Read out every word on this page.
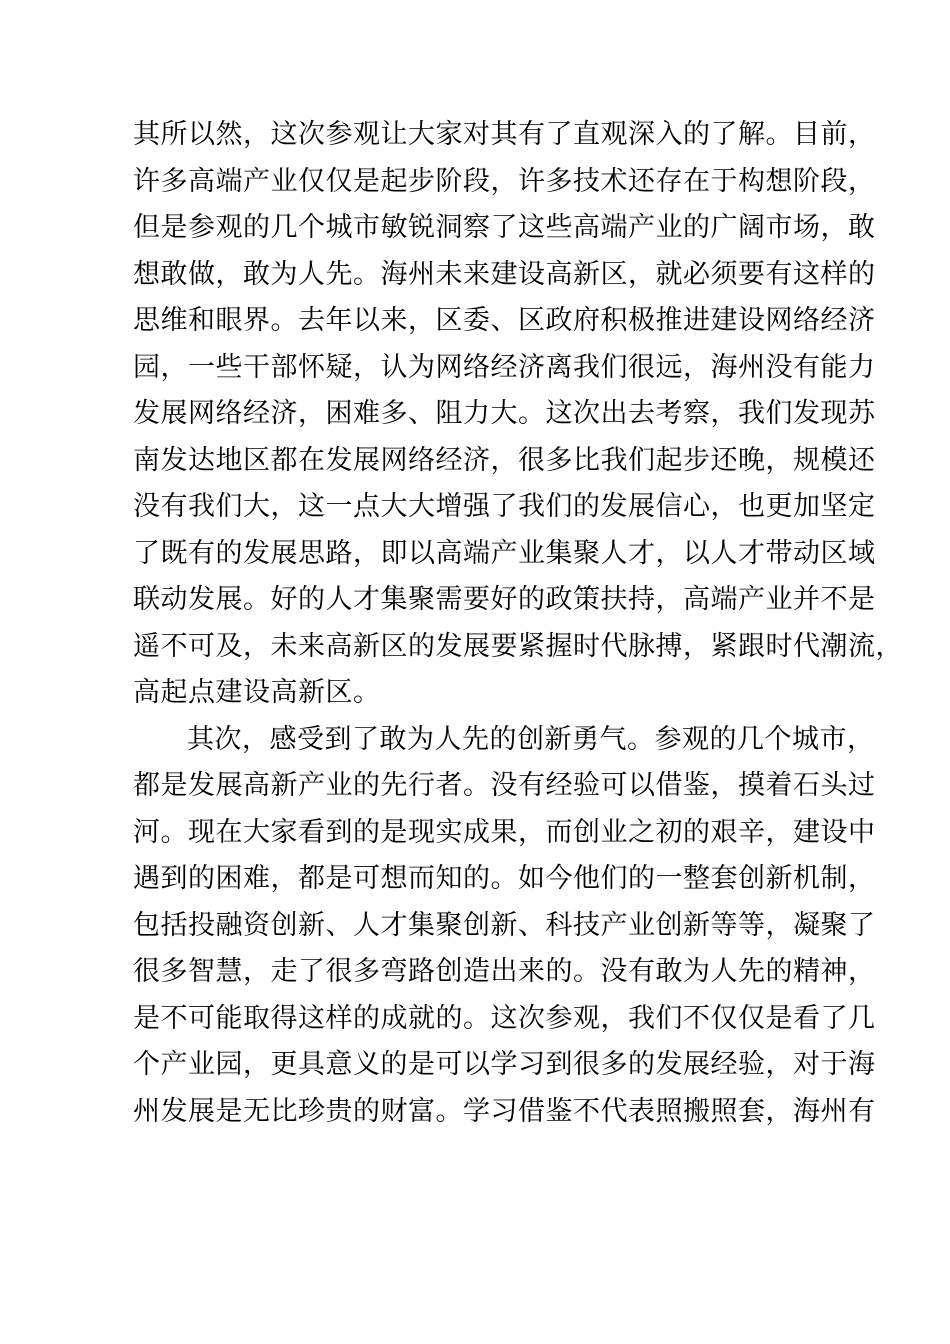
其所以然，这次参观让大家对其有了直观深入的了解。目前，
许多高端产业仅仅是起步阶段，许多技术还存在于构想阶段，
但是参观的几个城市敏锐洞察了这些高端产业的广阔市场，敢
想敢做，敢为人先。海州未来建设高新区，就必须要有这样的
思维和眼界。去年以来，区委、区政府积极推进建设网络经济
园，一些干部怀疑，认为网络经济离我们很远，海州没有能力
发展网络经济，困难多、阻力大。这次出去考察，我们发现苏
南发达地区都在发展网络经济，很多比我们起步还晚，规模还
没有我们大，这一点大大增强了我们的发展信心，也更加坚定
了既有的发展思路，即以高端产业集聚人才，以人才带动区域
联动发展。好的人才集聚需要好的政策扶持，高端产业并不是
遥不可及，未来高新区的发展要紧握时代脉搏，紧跟时代潮流，
高起点建设高新区。
其次，感受到了敢为人先的创新勇气。参观的几个城市，
都是发展高新产业的先行者。没有经验可以借鉴，摸着石头过
河。现在大家看到的是现实成果，而创业之初的艰辛，建设中
遇到的困难，都是可想而知的。如今他们的一整套创新机制，
包括投融资创新、人才集聚创新、科技产业创新等等，凝聚了
很多智慧，走了很多弯路创造出来的。没有敢为人先的精神，
是不可能取得这样的成就的。这次参观，我们不仅仅是看了几
个产业园，更具意义的是可以学习到很多的发展经验，对于海
州发展是无比珍贵的财富。学习借鉴不代表照搬照套，海州有
